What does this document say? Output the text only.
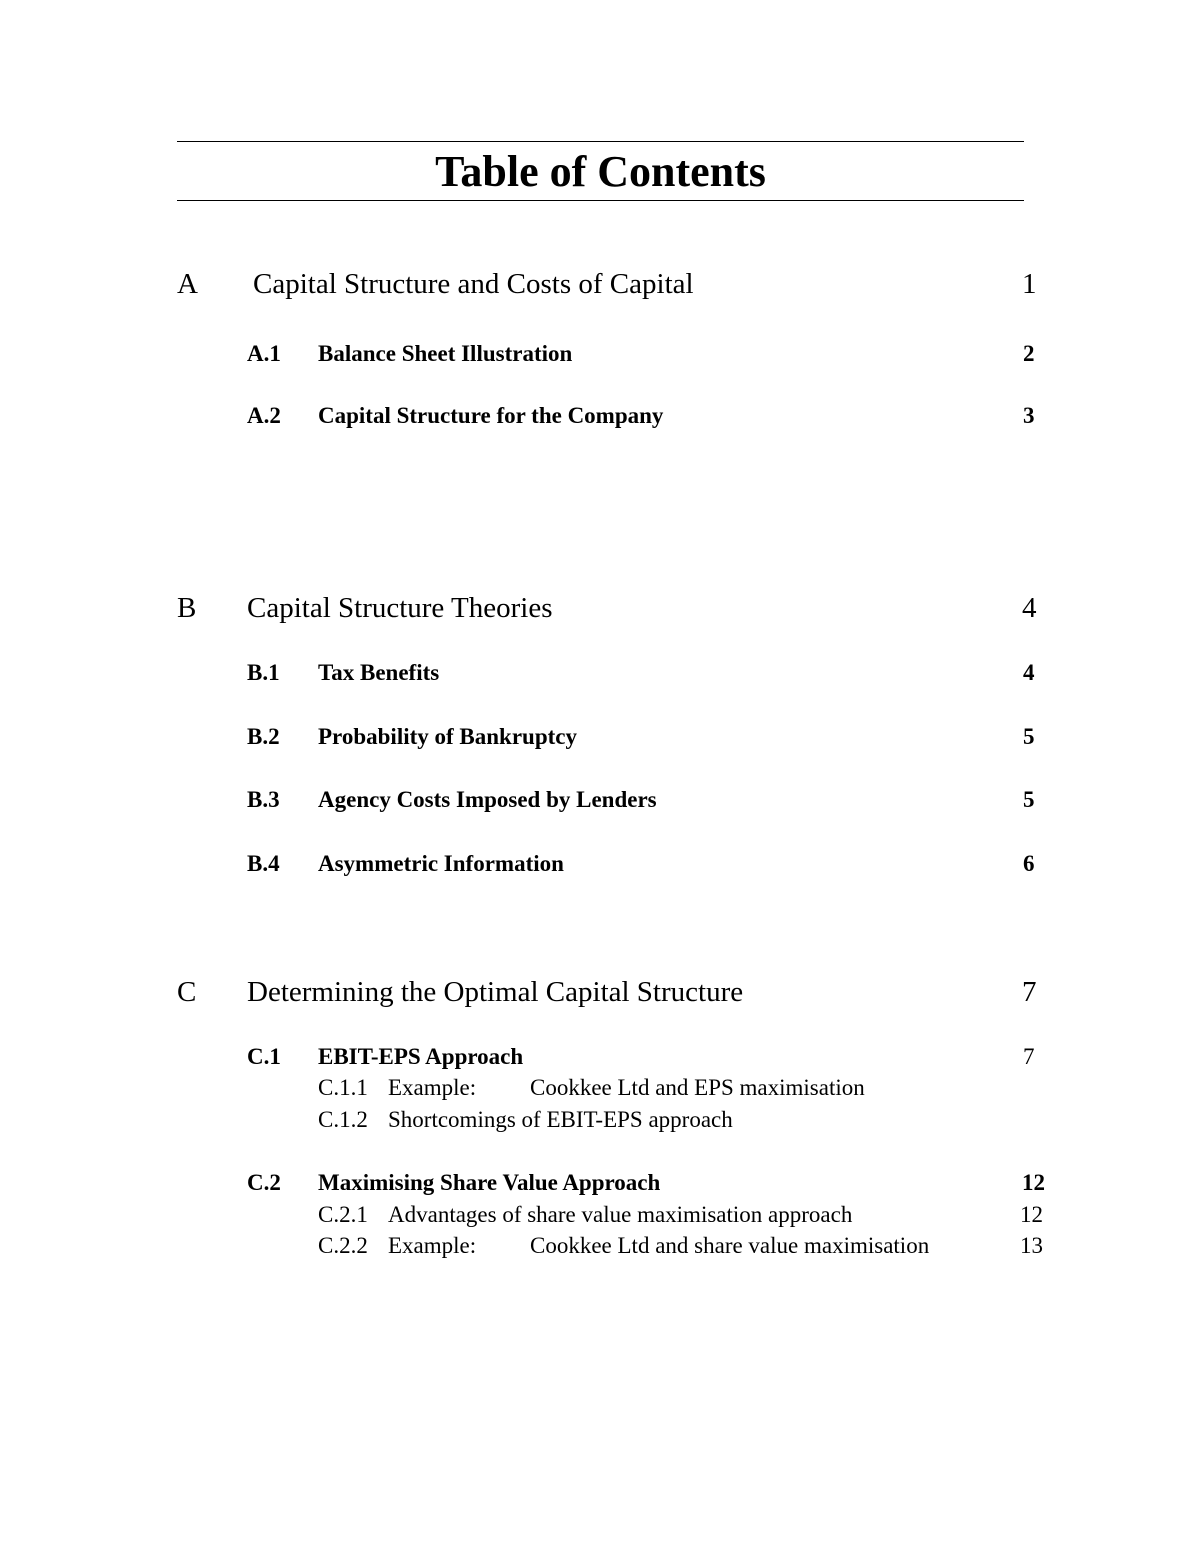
Table of Contents
A Capital Structure and Costs of Capital	1
A.1 Balance Sheet Illustration	2
A.2 Capital Structure for the Company	3
B Capital Structure Theories	4
B.1 Tax Benefits	4
B.2 Probability of Bankruptcy	5
B.3 Agency Costs Imposed by Lenders	5
B.4 Asymmetric Information	6
C Determining the Optimal Capital Structure	7
C.1 EBIT-EPS Approach	7
C.1.1 Example: Cookkee Ltd and EPS maximisation
C.1.2 Shortcomings of EBIT-EPS approach
C.2 Maximising Share Value Approach	12
C.2.1 Advantages of share value maximisation approach	12
C.2.2 Example: Cookkee Ltd and share value maximisation	13
